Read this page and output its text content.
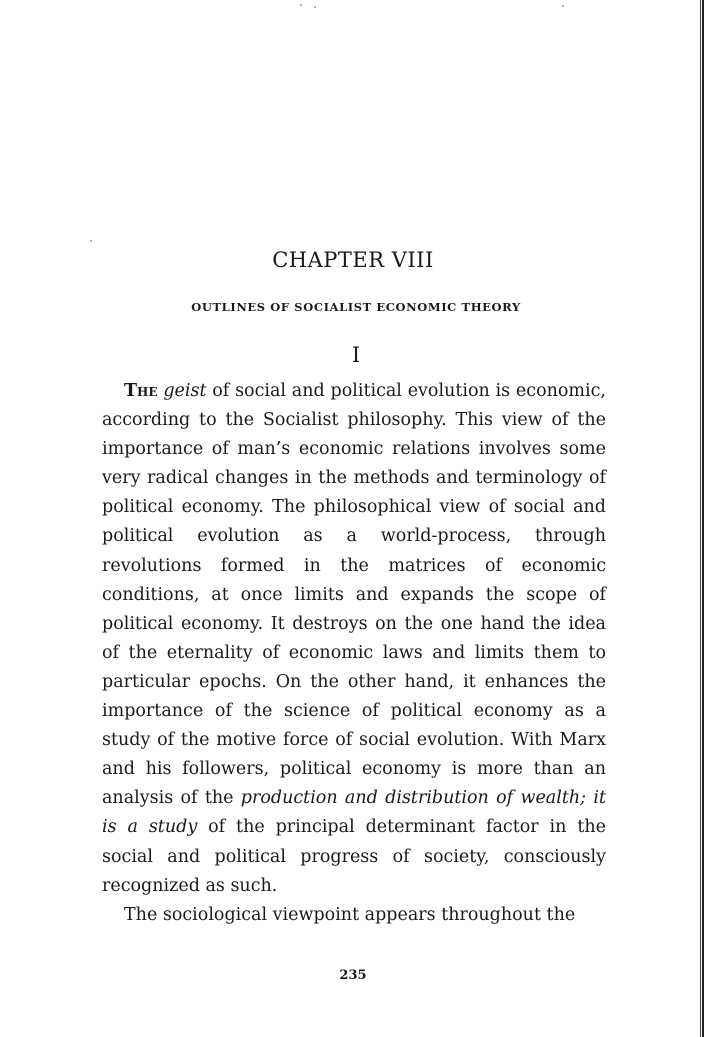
CHAPTER VIII
OUTLINES OF SOCIALIST ECONOMIC THEORY
I

The geist of social and political evolution is economic, according to the Socialist philosophy. This view of the importance of man’s economic relations involves some very radical changes in the methods and terminology of political economy. The philosophical view of social and political evolution as a world-process, through revolutions formed in the matrices of economic conditions, at once limits and expands the scope of political economy. It destroys on the one hand the idea of the eternality of economic laws and limits them to particular epochs. On the other hand, it enhances the importance of the science of political economy as a study of the motive force of social evolution. With Marx and his followers, political economy is more than an analysis of the production and distribution of wealth; it is a study of the principal determinant factor in the social and political progress of society, consciously recognized as such.

The sociological viewpoint appears throughout the

235
